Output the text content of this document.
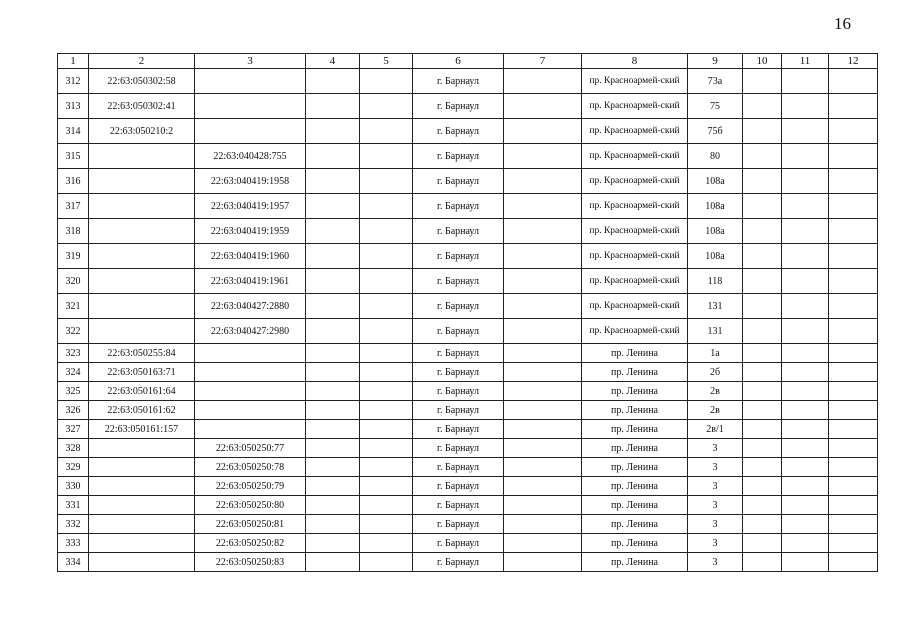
16
1	2	3	4	5	6	7	8	9	10	11	12
312	22:63:050302:58				г. Барнаул		пр. Красноармей-ский	73а			
313	22:63:050302:41				г. Барнаул		пр. Красноармей-ский	75			
314	22:63:050210:2				г. Барнаул		пр. Красноармей-ский	75б			
315		22:63:040428:755			г. Барнаул		пр. Красноармей-ский	80			
316		22:63:040419:1958			г. Барнаул		пр. Красноармей-ский	108а			
317		22:63:040419:1957			г. Барнаул		пр. Красноармей-ский	108а			
318		22:63:040419:1959			г. Барнаул		пр. Красноармей-ский	108а			
319		22:63:040419:1960			г. Барнаул		пр. Красноармей-ский	108а			
320		22:63:040419:1961			г. Барнаул		пр. Красноармей-ский	118			
321		22:63:040427:2880			г. Барнаул		пр. Красноармей-ский	131			
322		22:63:040427:2980			г. Барнаул		пр. Красноармей-ский	131			
323	22:63:050255:84				г. Барнаул		пр. Ленина	1а			
324	22:63:050163:71				г. Барнаул		пр. Ленина	2б			
325	22:63:050161:64				г. Барнаул		пр. Ленина	2в			
326	22:63:050161:62				г. Барнаул		пр. Ленина	2в			
327	22:63:050161:157				г. Барнаул		пр. Ленина	2в/1			
328		22:63:050250:77			г. Барнаул		пр. Ленина	3			
329		22:63:050250:78			г. Барнаул		пр. Ленина	3			
330		22:63:050250:79			г. Барнаул		пр. Ленина	3			
331		22:63:050250:80			г. Барнаул		пр. Ленина	3			
332		22:63:050250:81			г. Барнаул		пр. Ленина	3			
333		22:63:050250:82			г. Барнаул		пр. Ленина	3			
334		22:63:050250:83			г. Барнаул		пр. Ленина	3			
